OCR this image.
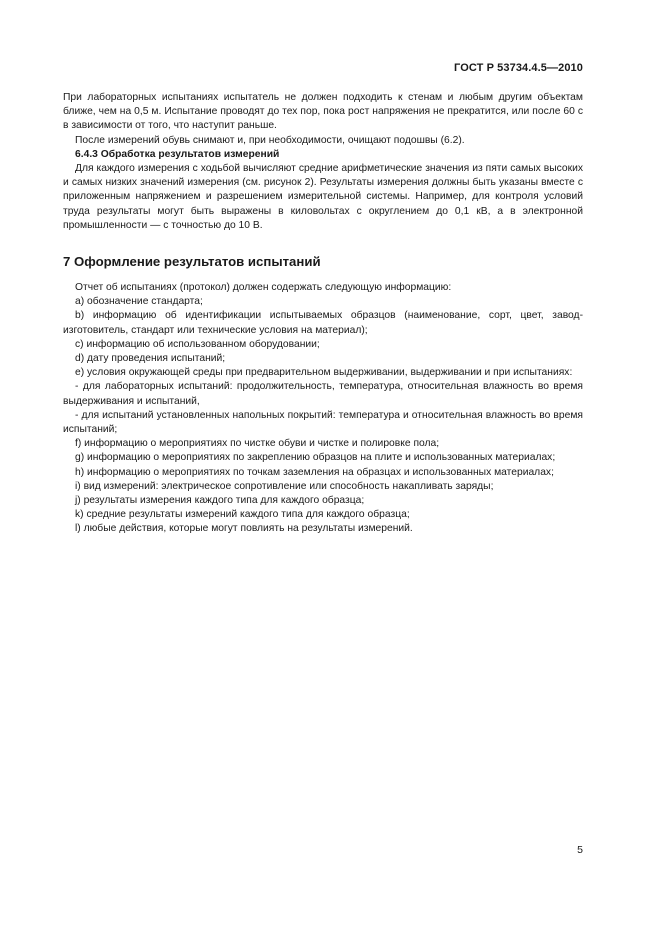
ГОСТ Р 53734.4.5—2010

При лабораторных испытаниях испытатель не должен подходить к стенам и любым другим объектам ближе, чем на 0,5 м. Испытание проводят до тех пор, пока рост напряжения не прекратится, или после 60 с в зависимости от того, что наступит раньше.

После измерений обувь снимают и, при необходимости, очищают подошвы (6.2).

6.4.3 Обработка результатов измерений

Для каждого измерения с ходьбой вычисляют средние арифметические значения из пяти самых высоких и самых низких значений измерения (см. рисунок 2). Результаты измерения должны быть указаны вместе с приложенным напряжением и разрешением измерительной системы. Например, для контроля условий труда результаты могут быть выражены в киловольтах с округлением до 0,1 кВ, а в электронной промышленности — с точностью до 10 В.

7 Оформление результатов испытаний

Отчет об испытаниях (протокол) должен содержать следующую информацию:

a) обозначение стандарта;

b) информацию об идентификации испытываемых образцов (наименование, сорт, цвет, завод-изготовитель, стандарт или технические условия на материал);

c) информацию об использованном оборудовании;

d) дату проведения испытаний;

e) условия окружающей среды при предварительном выдерживании, выдерживании и при испытаниях:

- для лабораторных испытаний: продолжительность, температура, относительная влажность во время выдерживания и испытаний,

- для испытаний установленных напольных покрытий: температура и относительная влажность во время испытаний;

f) информацию о мероприятиях по чистке обуви и чистке и полировке пола;

g) информацию о мероприятиях по закреплению образцов на плите и использованных материалах;

h) информацию о мероприятиях по точкам заземления на образцах и использованных материалах;

i) вид измерений: электрическое сопротивление или способность накапливать заряды;

j) результаты измерения каждого типа для каждого образца;

k) средние результаты измерений каждого типа для каждого образца;

l) любые действия, которые могут повлиять на результаты измерений.

5
